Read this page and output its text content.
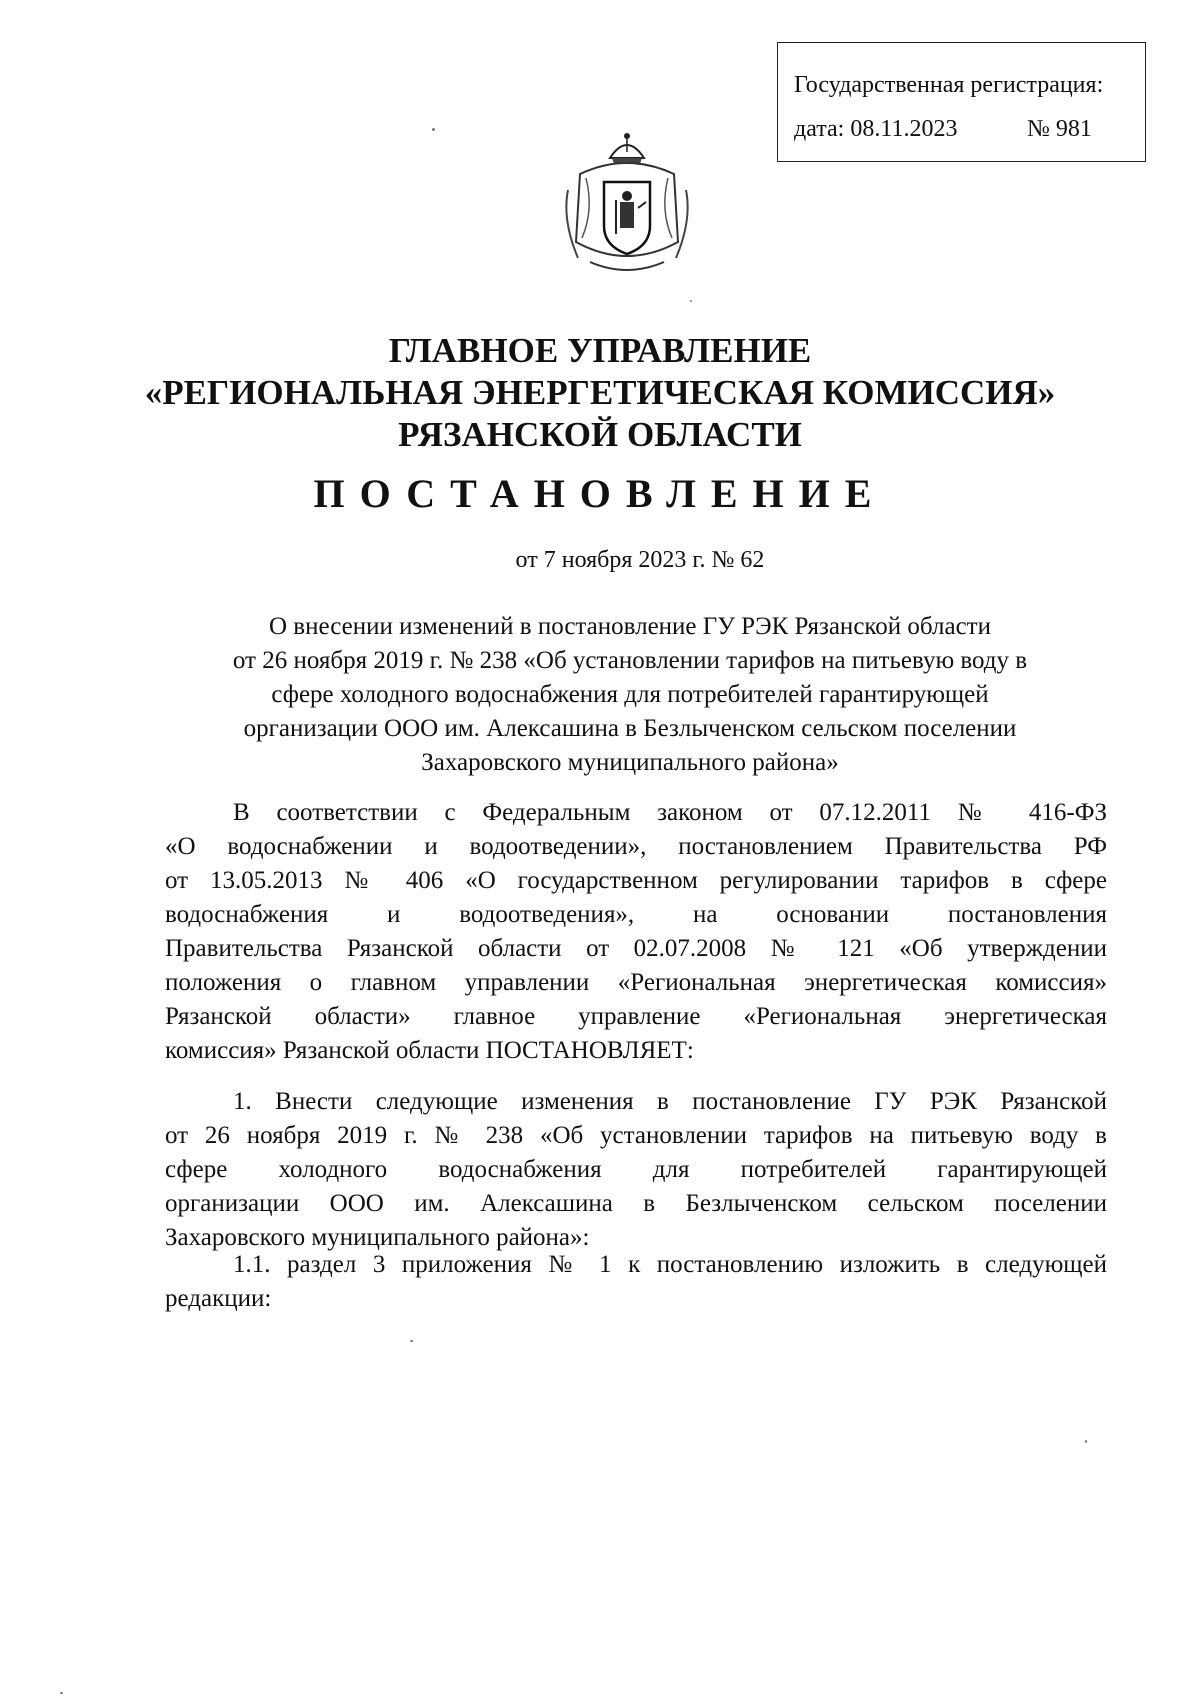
Государственная регистрация:
дата: 08.11.2023	№ 981
ГЛАВНОЕ УПРАВЛЕНИЕ
«РЕГИОНАЛЬНАЯ ЭНЕРГЕТИЧЕСКАЯ КОМИССИЯ»
РЯЗАНСКОЙ ОБЛАСТИ
ПОСТАНОВЛЕНИЕ
от 7 ноября 2023 г. № 62
О внесении изменений в постановление ГУ РЭК Рязанской области
от 26 ноября 2019 г. № 238 «Об установлении тарифов на питьевую воду в
сфере холодного водоснабжения для потребителей гарантирующей
организации ООО им. Алексашина в Безлыченском сельском поселении
Захаровского муниципального района»
В соответствии с Федеральным законом от 07.12.2011 № 416-ФЗ
«О водоснабжении и водоотведении», постановлением Правительства РФ
от 13.05.2013 № 406 «О государственном регулировании тарифов в сфере
водоснабжения и водоотведения», на основании постановления
Правительства Рязанской области от 02.07.2008 № 121 «Об утверждении
положения о главном управлении «Региональная энергетическая комиссия»
Рязанской области» главное управление «Региональная энергетическая
комиссия» Рязанской области ПОСТАНОВЛЯЕТ:
1. Внести следующие изменения в постановление ГУ РЭК Рязанской
от 26 ноября 2019 г. № 238 «Об установлении тарифов на питьевую воду в
сфере холодного водоснабжения для потребителей гарантирующей
организации ООО им. Алексашина в Безлыченском сельском поселении
Захаровского муниципального района»:
1.1. раздел 3 приложения № 1 к постановлению изложить в следующей
редакции:
